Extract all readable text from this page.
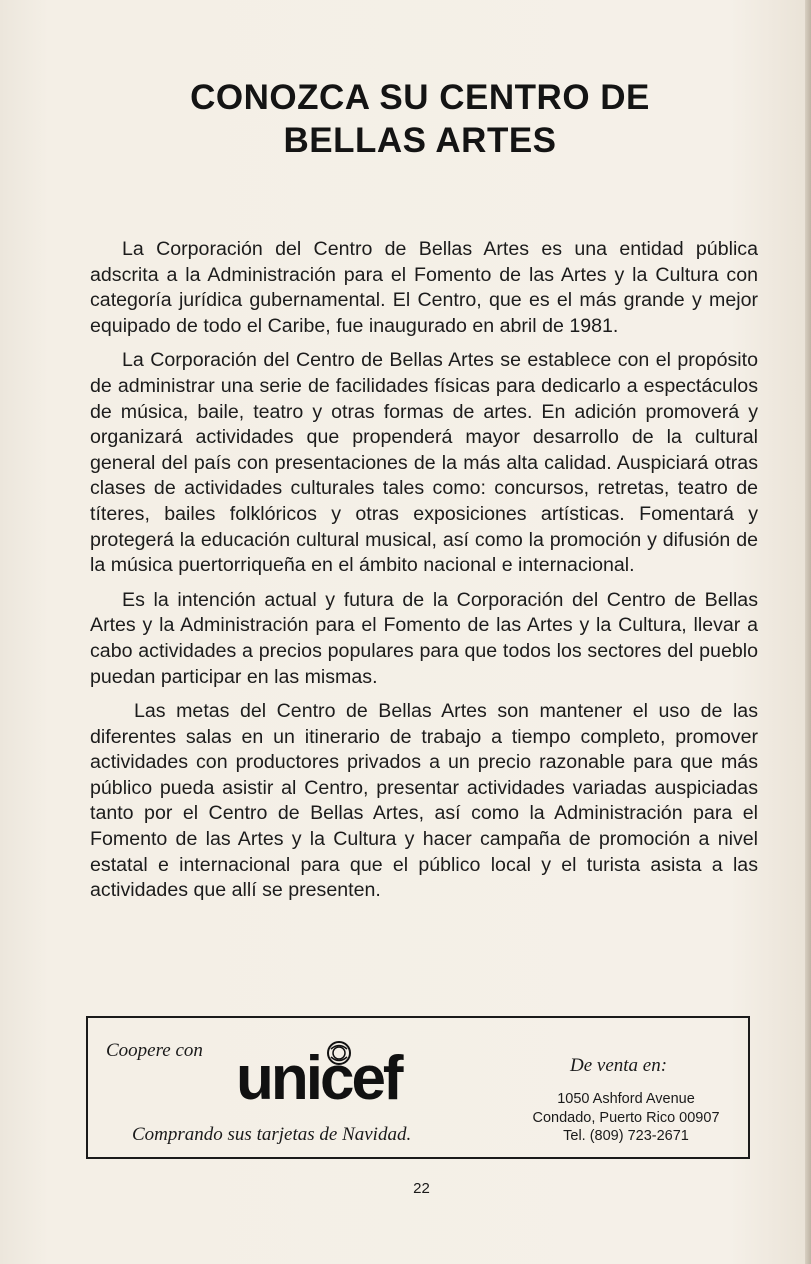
CONOZCA SU CENTRO DE
BELLAS ARTES

La Corporación del Centro de Bellas Artes es una entidad pública adscrita a la Administración para el Fomento de las Artes y la Cultura con categoría jurídica gubernamental. El Centro, que es el más grande y mejor equipado de todo el Caribe, fue inaugurado en abril de 1981.

La Corporación del Centro de Bellas Artes se establece con el propósito de administrar una serie de facilidades físicas para dedicarlo a espectáculos de música, baile, teatro y otras formas de artes. En adición promoverá y organizará actividades que propenderá mayor desarrollo de la cultural general del país con presentaciones de la más alta calidad. Auspiciará otras clases de actividades culturales tales como: concursos, retretas, teatro de títeres, bailes folklóricos y otras exposiciones artísticas. Fomentará y protegerá la educación cultural musical, así como la promoción y difusión de la música puertorriqueña en el ámbito nacional e internacional.

Es la intención actual y futura de la Corporación del Centro de Bellas Artes y la Administración para el Fomento de las Artes y la Cultura, llevar a cabo actividades a precios populares para que todos los sectores del pueblo puedan participar en las mismas.

Las metas del Centro de Bellas Artes son mantener el uso de las diferentes salas en un itinerario de trabajo a tiempo completo, promover actividades con productores privados a un precio razonable para que más público pueda asistir al Centro, presentar actividades variadas auspiciadas tanto por el Centro de Bellas Artes, así como la Administración para el Fomento de las Artes y la Cultura y hacer campaña de promoción a nivel estatal e internacional para que el público local y el turista asista a las actividades que allí se presenten.

Coopere con unicef
Comprando sus tarjetas de Navidad.
De venta en:
1050 Ashford Avenue
Condado, Puerto Rico 00907
Tel. (809) 723-2671
22
